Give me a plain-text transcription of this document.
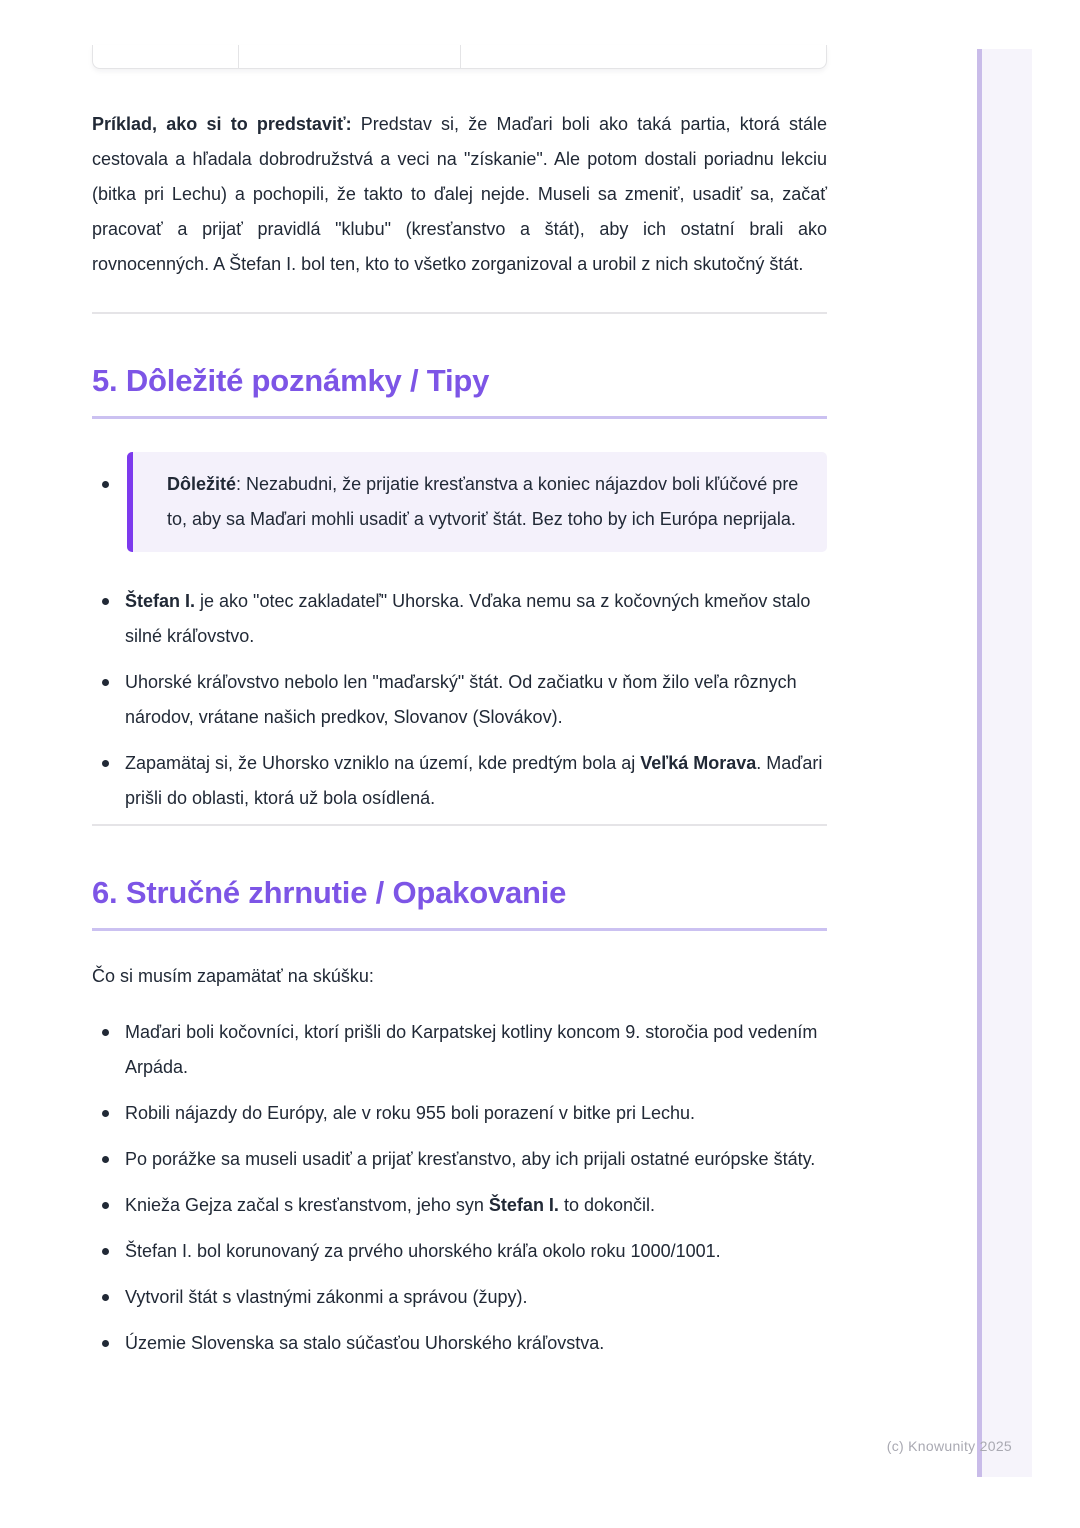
Príklad, ako si to predstaviť: Predstav si, že Maďari boli ako taká partia, ktorá stále cestovala a hľadala dobrodružstvá a veci na "získanie". Ale potom dostali poriadnu lekciu (bitka pri Lechu) a pochopili, že takto to ďalej nejde. Museli sa zmeniť, usadiť sa, začať pracovať a prijať pravidlá "klubu" (kresťanstvo a štát), aby ich ostatní brali ako rovnocenných. A Štefan I. bol ten, kto to všetko zorganizoval a urobil z nich skutočný štát.

5. Dôležité poznámky / Tipy
Dôležité: Nezabudni, že prijatie kresťanstva a koniec nájazdov boli kľúčové pre to, aby sa Maďari mohli usadiť a vytvoriť štát. Bez toho by ich Európa neprijala.
Štefan I. je ako "otec zakladateľ" Uhorska. Vďaka nemu sa z kočovných kmeňov stalo silné kráľovstvo.
Uhorské kráľovstvo nebolo len "maďarský" štát. Od začiatku v ňom žilo veľa rôznych národov, vrátane našich predkov, Slovanov (Slovákov).
Zapamätaj si, že Uhorsko vzniklo na území, kde predtým bola aj Veľká Morava. Maďari prišli do oblasti, ktorá už bola osídlená.
6. Stručné zhrnutie / Opakovanie

Čo si musím zapamätať na skúšku:

Maďari boli kočovníci, ktorí prišli do Karpatskej kotliny koncom 9. storočia pod vedením Arpáda.
Robili nájazdy do Európy, ale v roku 955 boli porazení v bitke pri Lechu.
Po porážke sa museli usadiť a prijať kresťanstvo, aby ich prijali ostatné európske štáty.
Knieža Gejza začal s kresťanstvom, jeho syn Štefan I. to dokončil.
Štefan I. bol korunovaný za prvého uhorského kráľa okolo roku 1000/1001.
Vytvoril štát s vlastnými zákonmi a správou (župy).
Územie Slovenska sa stalo súčasťou Uhorského kráľovstva.
(c) Knowunity 2025
